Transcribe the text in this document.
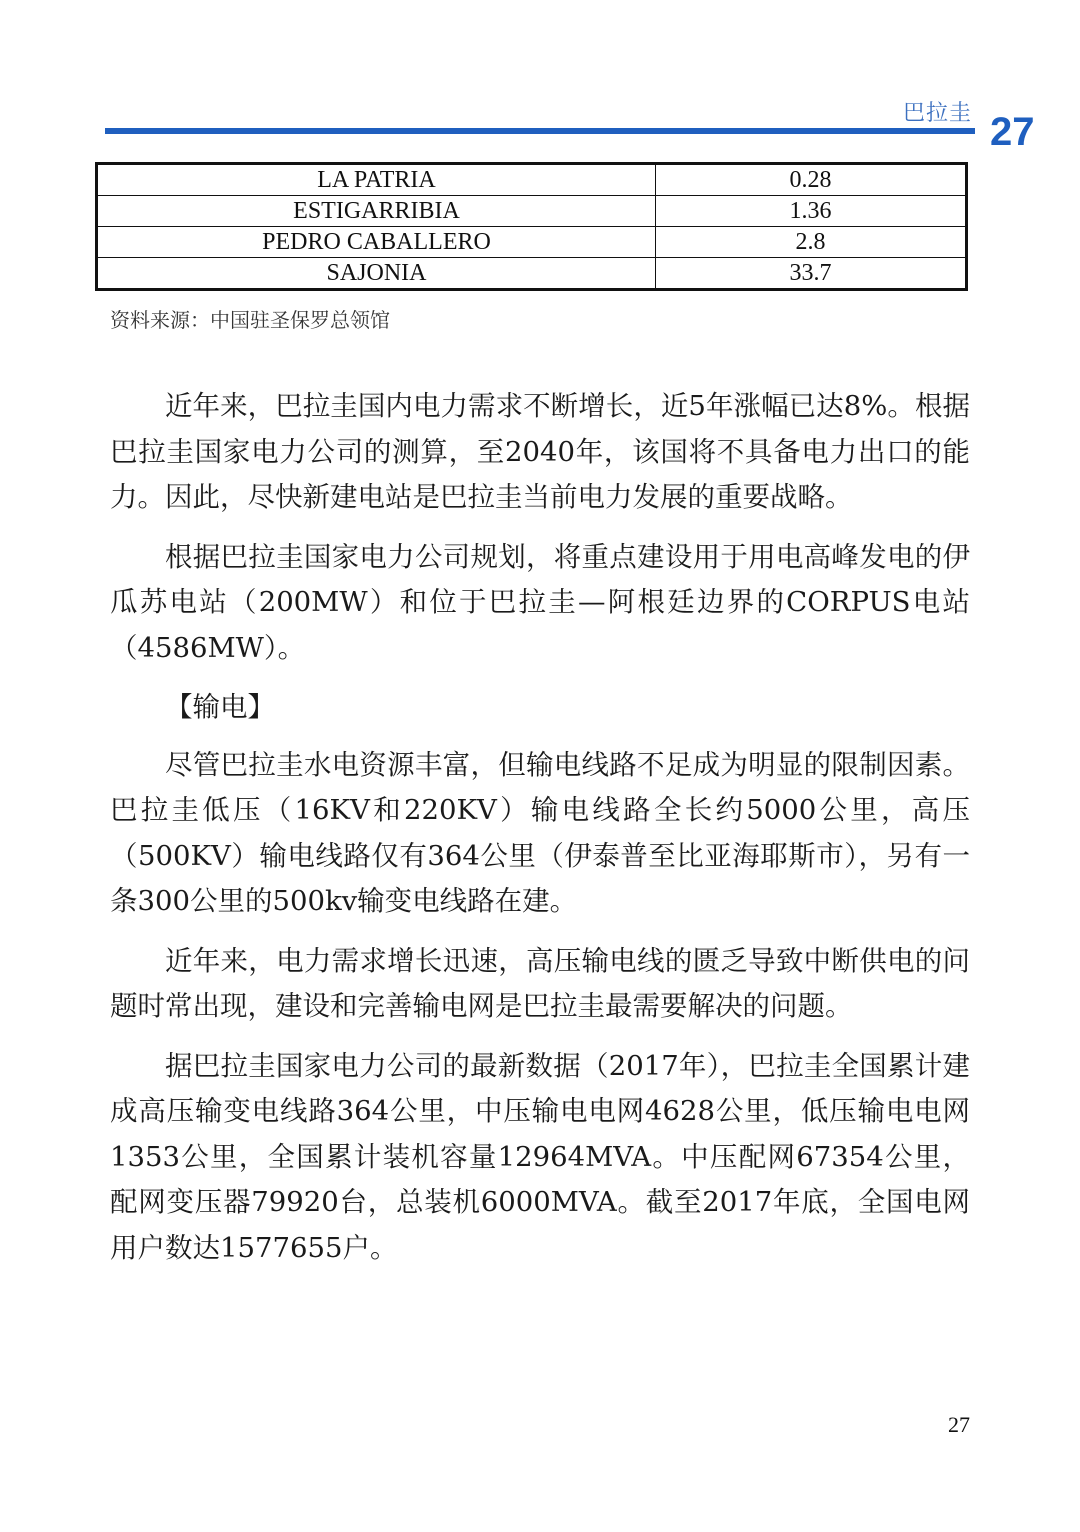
巴拉圭 27
LA PATRIA	0.28
ESTIGARRIBIA	1.36
PEDRO CABALLERO	2.8
SAJONIA	33.7
资料来源：中国驻圣保罗总领馆

近年来，巴拉圭国内电力需求不断增长，近5年涨幅已达8%。根据巴拉圭国家电力公司的测算，至2040年，该国将不具备电力出口的能力。因此，尽快新建电站是巴拉圭当前电力发展的重要战略。

根据巴拉圭国家电力公司规划，将重点建设用于用电高峰发电的伊瓜苏电站（200MW）和位于巴拉圭—阿根廷边界的CORPUS电站（4586MW）。

【输电】

尽管巴拉圭水电资源丰富，但输电线路不足成为明显的限制因素。巴拉圭低压（16KV和220KV）输电线路全长约5000公里，高压（500KV）输电线路仅有364公里（伊泰普至比亚海耶斯市），另有一条300公里的500kv输变电线路在建。

近年来，电力需求增长迅速，高压输电线的匮乏导致中断供电的问题时常出现，建设和完善输电网是巴拉圭最需要解决的问题。

据巴拉圭国家电力公司的最新数据（2017年），巴拉圭全国累计建成高压输变电线路364公里，中压输电电网4628公里，低压输电电网1353公里，全国累计装机容量12964MVA。中压配网67354公里，配网变压器79920台，总装机6000MVA。截至2017年底，全国电网用户数达1577655户。

27
